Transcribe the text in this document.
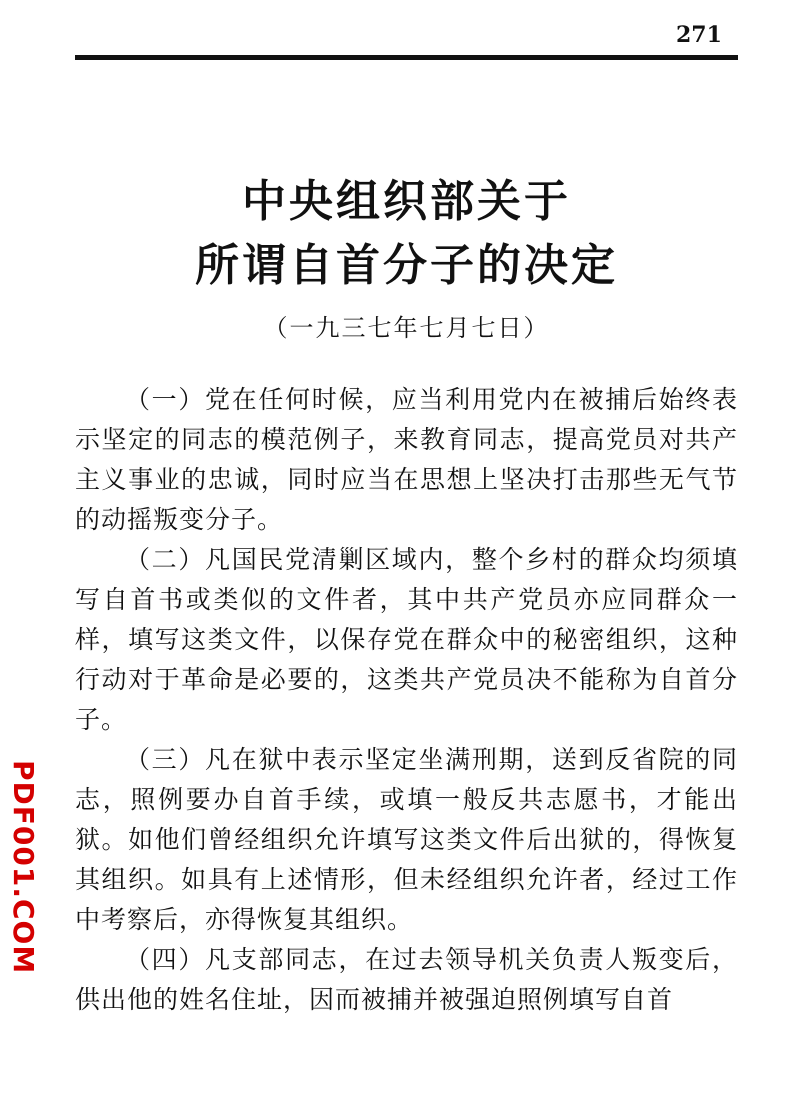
271
中央组织部关于
所谓自首分子的决定
（一九三七年七月七日）

（一）党在任何时候，应当利用党内在被捕后始终表示坚定的同志的模范例子，来教育同志，提高党员对共产主义事业的忠诚，同时应当在思想上坚决打击那些无气节的动摇叛变分子。

（二）凡国民党清剿区域内，整个乡村的群众均须填写自首书或类似的文件者，其中共产党员亦应同群众一样，填写这类文件，以保存党在群众中的秘密组织，这种行动对于革命是必要的，这类共产党员决不能称为自首分子。

（三）凡在狱中表示坚定坐满刑期，送到反省院的同志，照例要办自首手续，或填一般反共志愿书，才能出狱。如他们曾经组织允许填写这类文件后出狱的，得恢复其组织。如具有上述情形，但未经组织允许者，经过工作中考察后，亦得恢复其组织。

（四）凡支部同志，在过去领导机关负责人叛变后，供出他的姓名住址，因而被捕并被强迫照例填写自首

PDF001.COM
